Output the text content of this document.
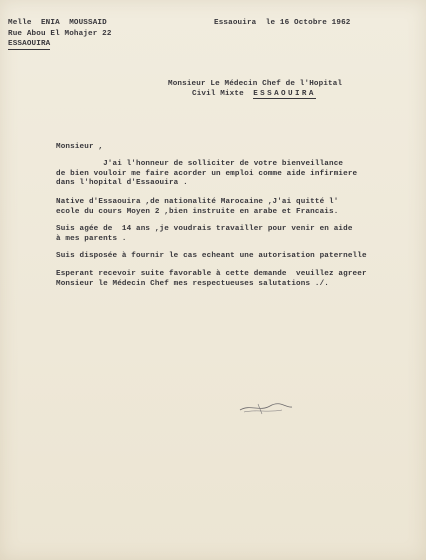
Melle  ENIA  MOUSSAID
Rue Abou El Mohajer 22
ESSAOUIRA
Essaouira  le 16 Octobre 1962
Monsieur Le Médecin Chef de l'Hopital
Civil Mixte  ESSAOUIRA
Monsieur ,
J'ai l'honneur de solliciter de votre bienveillance
de bien vouloir me faire acorder un emploi comme aide infirmiere
dans l'hopital d'Essaouira .
Native d'Essaouira ,de nationalité Marocaine ,J'ai quitté l'
ecole du cours Moyen 2 ,bien instruite en arabe et Francais.
Suis agée de  14 ans ,je voudrais travailler pour venir en aide
à mes parents .
Suis disposée à fournir le cas echeant une autorisation paternelle
Esperant recevoir suite favorable à cette demande  veuillez agreer
Monsieur le Médecin Chef mes respectueuses salutations ./.
